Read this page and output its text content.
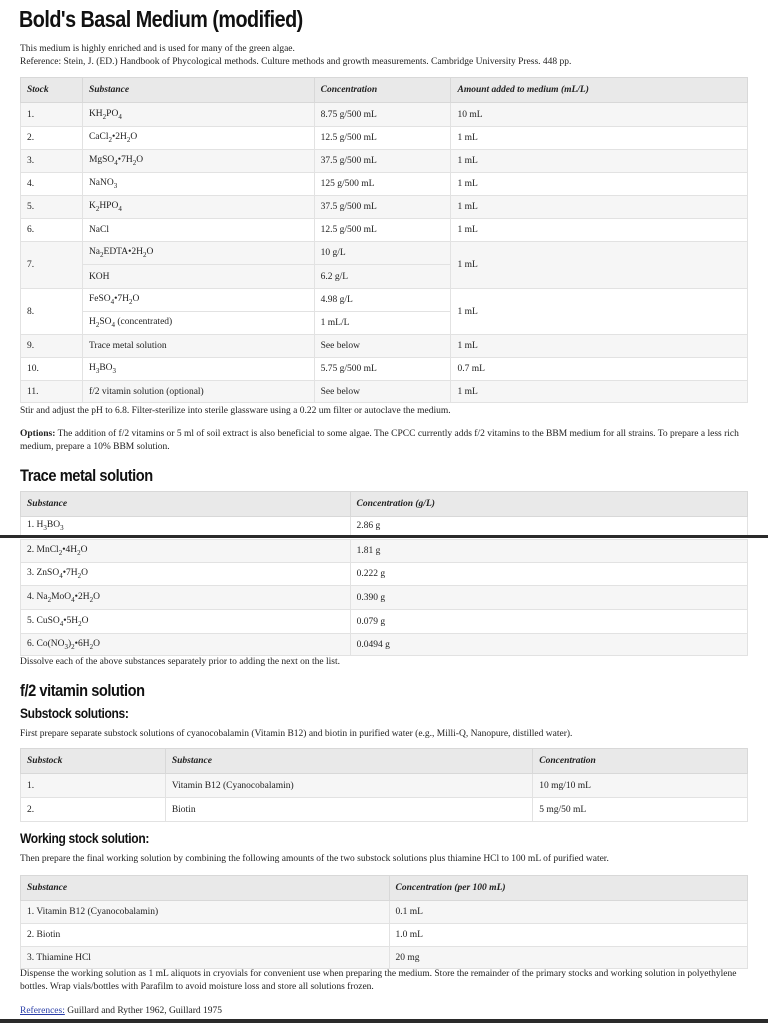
Bold's Basal Medium (modified)

This medium is highly enriched and is used for many of the green algae.

Reference: Stein, J. (ED.) Handbook of Phycological methods. Culture methods and growth measurements. Cambridge University Press. 448 pp.

Stock	Substance	Concentration	Amount added to medium (mL/L)
1.	$KH_2PO_4$	8.75 g/500 mL	10 mL
2.	$CaCl_2•2H_2O$	12.5 g/500 mL	1 mL
3.	$MgSO_4•7H_2O$	37.5 g/500 mL	1 mL
4.	NaNO$_3$	125 g/500 mL	1 mL
5.	$K_2HPO_4$	37.5 g/500 mL	1 mL
6.	NaCl	12.5 g/500 mL	1 mL
7.	$Na_2EDTA•2H_2O$	10 g/L	1 mL
	KOH	6.2 g/L	
8.	$FeSO_4•7H_2O$	4.98 g/L	1 mL
	$H_2SO_4$ (concentrated)	1 mL/L	
9.	Trace metal solution	See below	1 mL
10.	$H_3BO_3$	5.75 g/500 mL	0.7 mL
11.	f/2 vitamin solution (optional)	See below	1 mL

Stir and adjust the pH to 6.8. Filter-sterilize into sterile glassware using a 0.22 um filter or autoclave the medium.

Options: The addition of f/2 vitamins or 5 ml of soil extract is also beneficial to some algae. The CPCC currently adds f/2 vitamins to the BBM medium for all strains. To prepare a less rich medium, prepare a 10% BBM solution.

Trace metal solution
Substance	Concentration (g/L)
1. $H_3BO_3$	2.86 g
2. $MnCl_2•4H_2O$	1.81 g
3. $ZnSO_4•7H_2O$	0.222 g
4. $Na_2MoO_4•2H_2O$	0.390 g
5. $CuSO_4•5H_2O$	0.079 g
6. $Co(NO_3)_2•6H_2O$	0.0494 g

Dissolve each of the above substances separately prior to adding the next on the list.

f/2 vitamin solution
Substock solutions:

First prepare separate substock solutions of cyanocobalamin (Vitamin B12) and biotin in purified water (e.g., Milli-Q, Nanopure, distilled water).

Substock	Substance	Concentration
1.	Vitamin B12 (Cyanocobalamin)	10 mg/10 mL
2.	Biotin	5 mg/50 mL
Working stock solution:

Then prepare the final working solution by combining the following amounts of the two substock solutions plus thiamine HCl to 100 mL of purified water.

Substance	Concentration (per 100 mL)
1. Vitamin B12 (Cyanocobalamin)	0.1 mL
2. Biotin	1.0 mL
3. Thiamine HCl	20 mg

Dispense the working solution as 1 mL aliquots in cryovials for convenient use when preparing the medium. Store the remainder of the primary stocks and working solution in polyethylene bottles. Wrap vials/bottles with Parafilm to avoid moisture loss and store all solutions frozen.

References: Guillard and Ryther 1962, Guillard 1975
